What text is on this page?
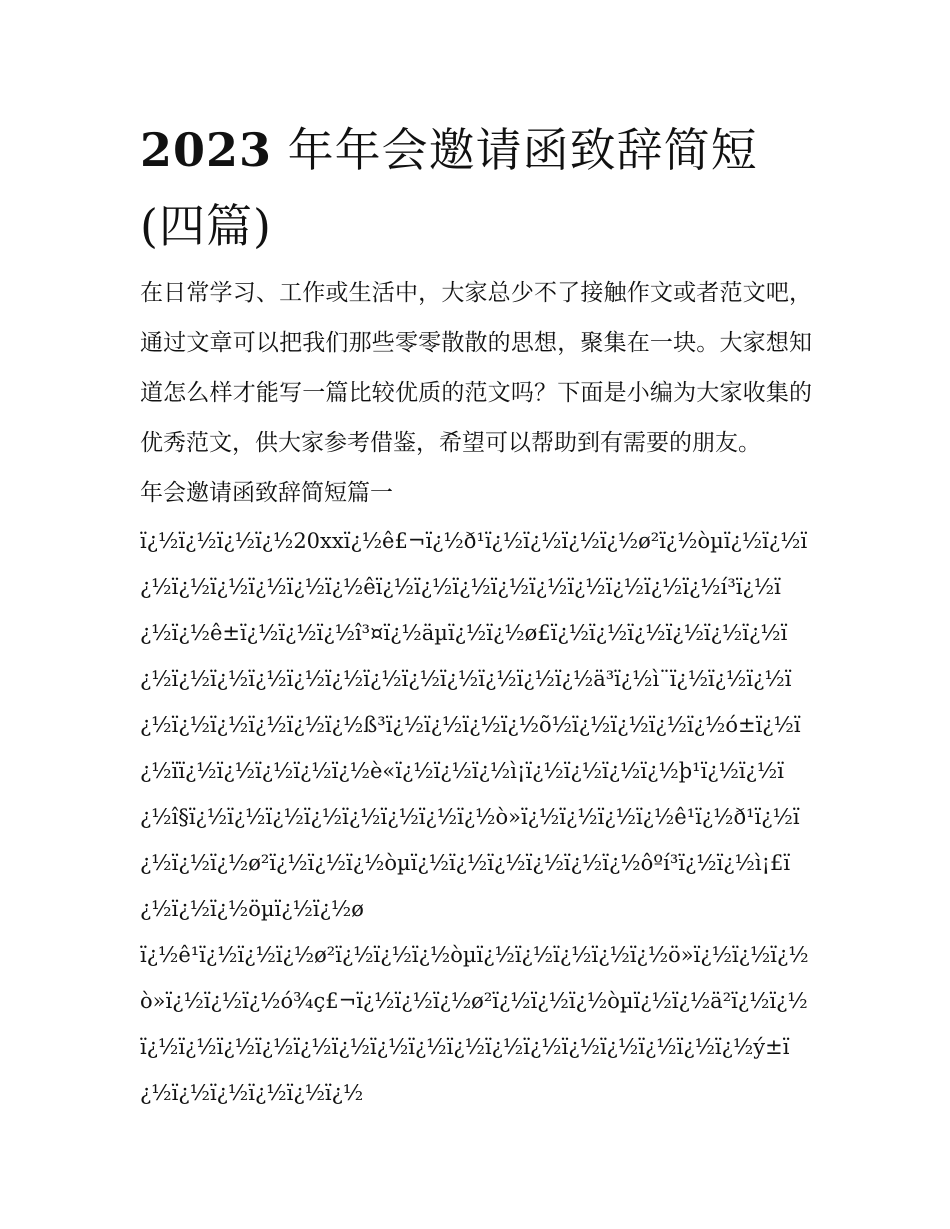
2023 年年会邀请函致辞简短(四篇)

在日常学习、工作或生活中，大家总少不了接触作文或者范文吧，通过文章可以把我们那些零零散散的思想，聚集在一块。大家想知道怎么样才能写一篇比较优质的范文吗？下面是小编为大家收集的优秀范文，供大家参考借鉴，希望可以帮助到有需要的朋友。

年会邀请函致辞简短篇一

ï¿½ï¿½ï¿½ï¿½20xxï¿½ê£¬ï¿½ð¹ï¿½ï¿½ï¿½ï¿½ø²ï¿½òµï¿½ï¿½ï¿½ï¿½ï¿½ï¿½ï¿½ï¿½êï¿½ï¿½ï¿½ï¿½ï¿½ï¿½ï¿½ï¿½ï¿½í³ï¿½ï¿½ï¿½ê±ï¿½ï¿½ï¿½î³¤ï¿½äµï¿½ï¿½ø£ï¿½ï¿½ï¿½ï¿½ï¿½ï¿½ï¿½ï¿½ï¿½ï¿½ï¿½ï¿½ï¿½ï¿½ï¿½ï¿½ï¿½ï¿½ä³ï¿½ì¨ï¿½ï¿½ï¿½ï¿½ï¿½ï¿½ï¿½ï¿½ï¿½ß³ï¿½ï¿½ï¿½ï¿½õ½ï¿½ï¿½ï¿½ï¿½ó±ï¿½ï¿½ïï¿½ï¿½ï¿½ï¿½ï¿½è«ï¿½ï¿½ï¿½ì¡ï¿½ï¿½ï¿½ï¿½þ¹ï¿½ï¿½ï¿½î§ï¿½ï¿½ï¿½ï¿½ï¿½ï¿½ï¿½ï¿½ò»ï¿½ï¿½ï¿½ï¿½ê¹ï¿½ð¹ï¿½ï¿½ï¿½ï¿½ø²ï¿½ï¿½ï¿½òµï¿½ï¿½ï¿½ï¿½ï¿½ï¿½ôºí³ï¿½ï¿½ì¡£ï¿½ï¿½ï¿½öµï¿½ï¿½ø

ï¿½ê¹ï¿½ï¿½ï¿½ø²ï¿½ï¿½ï¿½òµï¿½ï¿½ï¿½ï¿½ï¿½ö»ï¿½ï¿½ï¿½ò»ï¿½ï¿½ï¿½ó¾ç£¬ï¿½ï¿½ï¿½ø²ï¿½ï¿½ï¿½òµï¿½ï¿½ä²ï¿½ï¿½ï¿½ï¿½ï¿½ï¿½ï¿½ï¿½ï¿½ï¿½ï¿½ï¿½ï¿½ï¿½ï¿½ï¿½ï¿½ï¿½ý±ï¿½ï¿½ï¿½ï¿½ï¿½ï¿½
